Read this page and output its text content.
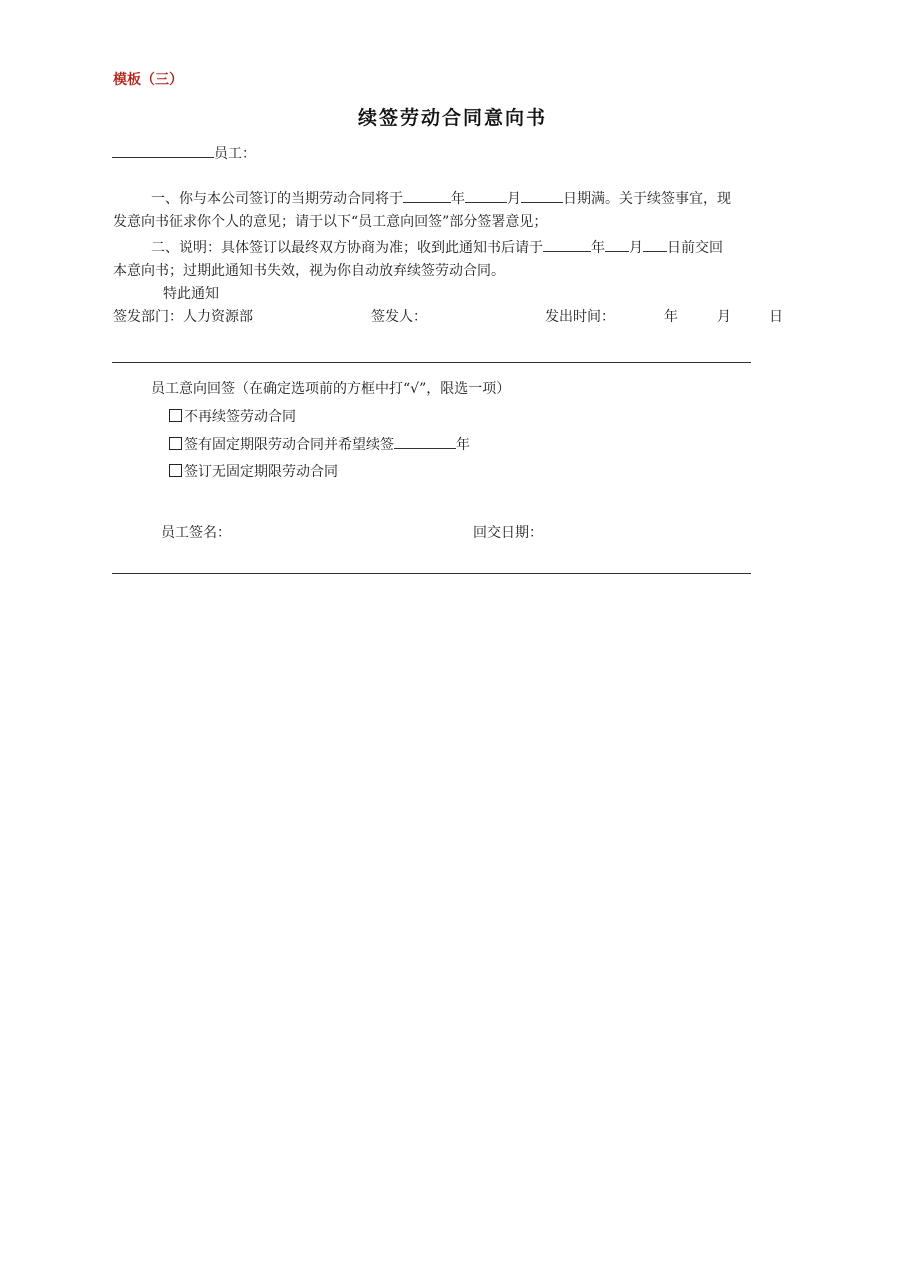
模板（三）
续签劳动合同意向书
员工：
一、你与本公司签订的当期劳动合同将于	年	月	日期满。关于续签事宜，现
发意向书征求你个人的意见；请于以下“员工意向回签”部分签署意见；
二、说明：具体签订以最终双方协商为准；收到此通知书后请于	年 月 日前交回
本意向书；过期此通知书失效，视为你自动放弃续签劳动合同。
特此通知
签发部门：人力资源部	签发人：	发出时间：	年	月	日
员工意向回签（在确定选项前的方框中打“√”，限选一项）
不再续签劳动合同
签有固定期限劳动合同并希望续签	年
签订无固定期限劳动合同
员工签名：	回交日期：
